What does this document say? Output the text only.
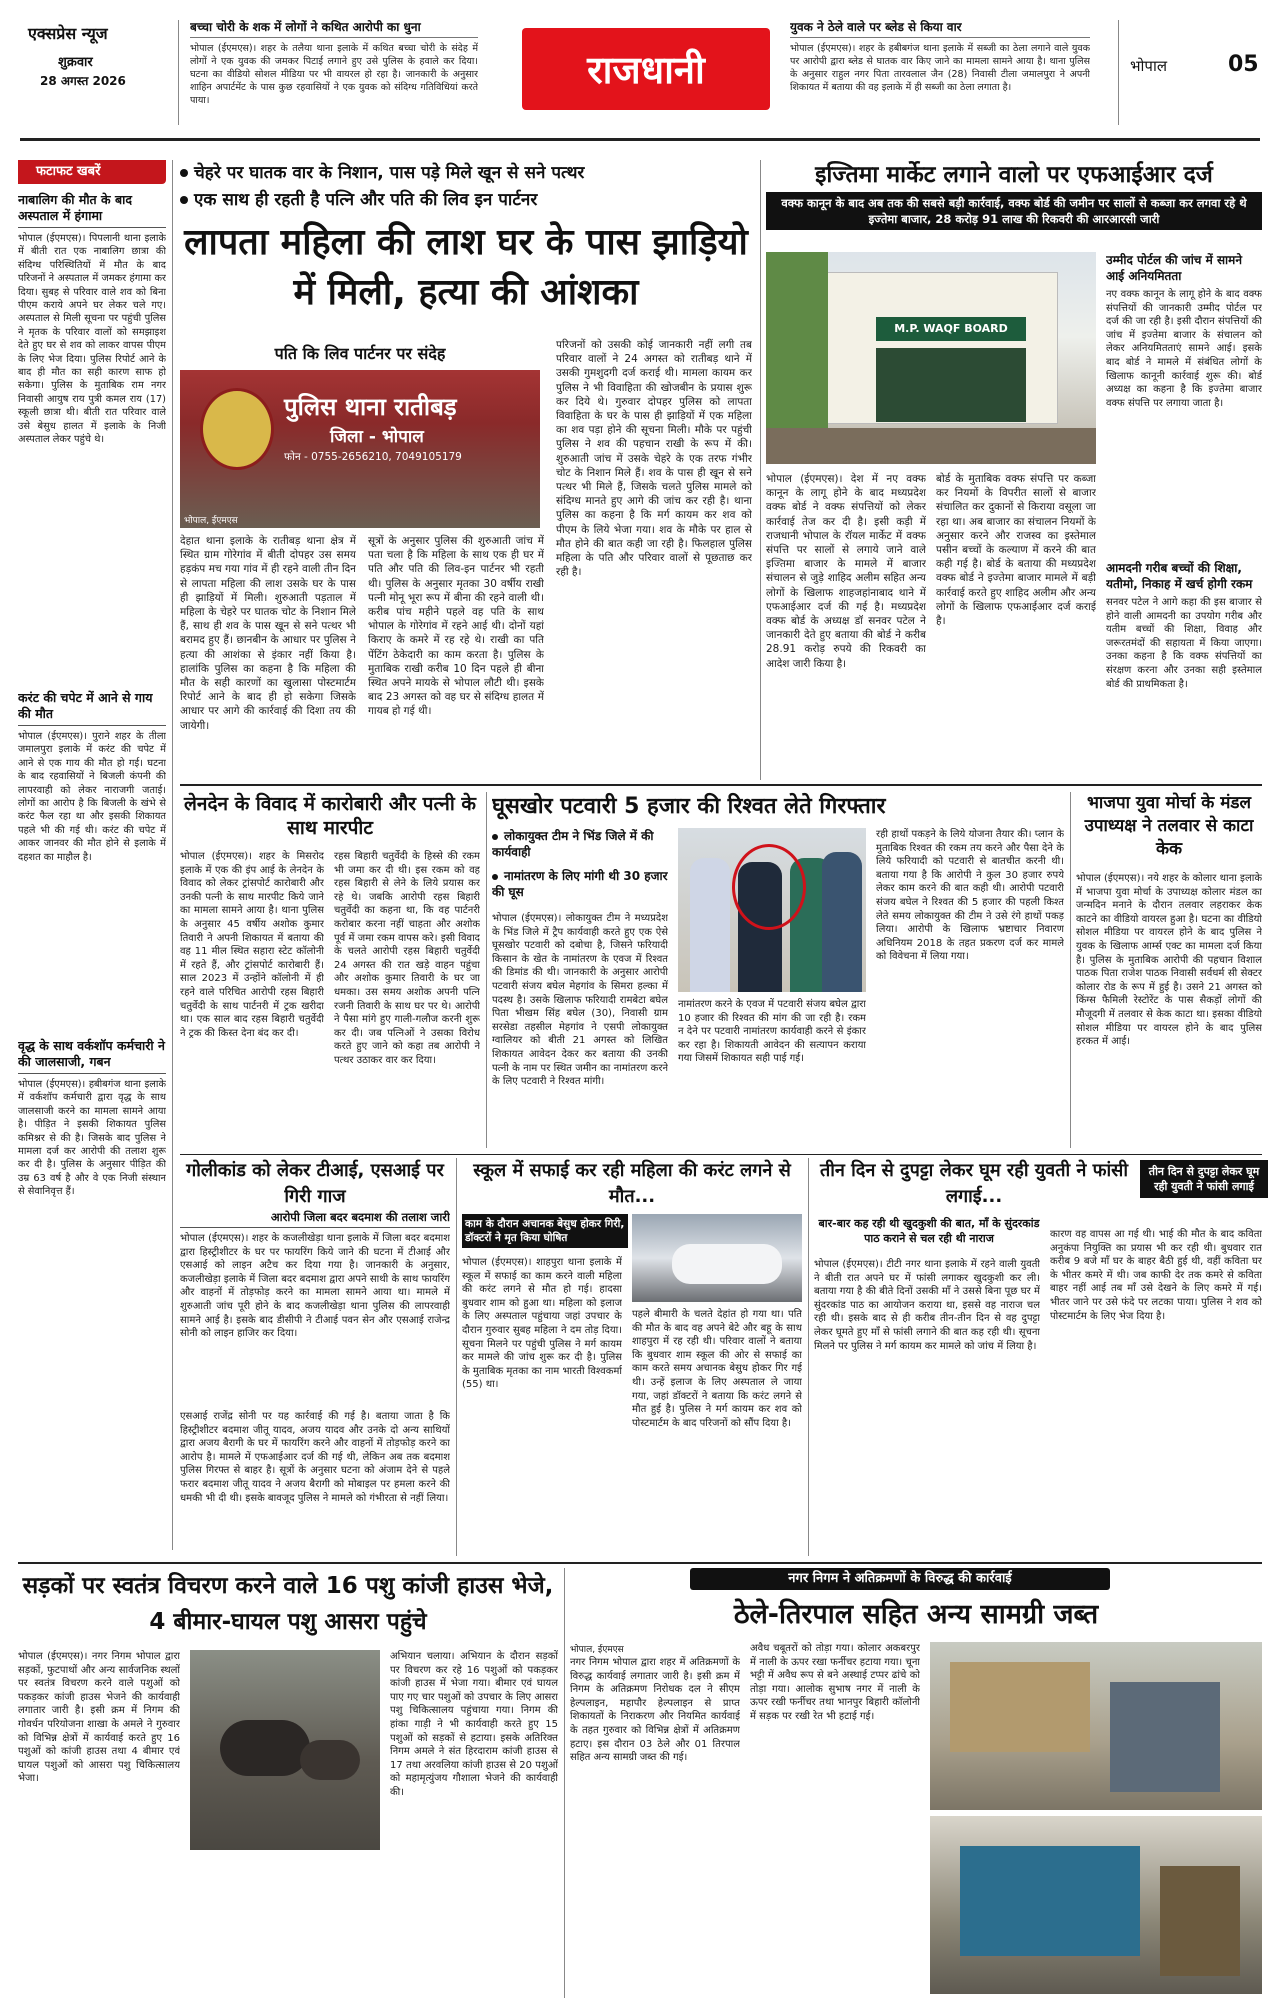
एक्सप्रेस न्यूज
शुक्रवार
28 अगस्त 2026
बच्चा चोरी के शक में लोगों ने कथित आरोपी का धुना
भोपाल (ईएमएस)। शहर के तलैया थाना इलाके में कथित बच्चा चोरी के संदेह में लोगों ने एक युवक की जमकर पिटाई लगाने हुए उसे पुलिस के हवाले कर दिया। घटना का वीडियो सोशल मीडिया पर भी वायरल हो रहा है। जानकारी के अनुसार शाहिन अपार्टमेंट के पास कुछ रहवासियों ने एक युवक को संदिग्ध गतिविधियां करते पाया।
राजधानी
युवक ने ठेले वाले पर ब्लेड से किया वार
भोपाल (ईएमएस)। शहर के हबीबगंज थाना इलाके में सब्जी का ठेला लगाने वाले युवक पर आरोपी द्वारा ब्लेड से घातक वार किए जाने का मामला सामने आया है। थाना पुलिस के अनुसार राहुल नगर पिता तारवलाल जैन (28) निवासी टीला जमालपुरा ने अपनी शिकायत में बताया की वह इलाके में ही सब्जी का ठेला लगाता है।
भोपाल	05
फटाफट खबरें
नाबालिग की मौत के बाद अस्पताल में हंगामा
भोपाल (ईएमएस)। पिपलानी थाना इलाके में बीती रात एक नाबालिग छात्रा की संदिग्ध परिस्थितियों में मौत के बाद परिजनों ने अस्पताल में जमकर हंगामा कर दिया। सुबह से परिवार वाले शव को बिना पीएम कराये अपने घर लेकर चले गए। अस्पताल से मिली सूचना पर पहुंची पुलिस ने मृतक के परिवार वालों को समझाइश देते हुए घर से शव को लाकर वापस पीएम के लिए भेज दिया। पुलिस रिपोर्ट आने के बाद ही मौत का सही कारण साफ हो सकेगा। पुलिस के मुताबिक राम नगर निवासी आयुष राय पुत्री कमल राय (17) स्कूली छात्रा थी। बीती रात परिवार वाले उसे बेसुध हालत में इलाके के निजी अस्पताल लेकर पहुंचे थे।
करंट की चपेट में आने से गाय की मौत
भोपाल (ईएमएस)। पुराने शहर के तीला जमालपुरा इलाके में करंट की चपेट में आने से एक गाय की मौत हो गई। घटना के बाद रहवासियों ने बिजली कंपनी की लापरवाही को लेकर नाराजगी जताई। लोगों का आरोप है कि बिजली के खंभे से करंट फैल रहा था और इसकी शिकायत पहले भी की गई थी। करंट की चपेट में आकर जानवर की मौत होने से इलाके में दहशत का माहौल है।
वृद्ध के साथ वर्कशॉप कर्मचारी ने की जालसाजी, गबन
भोपाल (ईएमएस)। हबीबगंज थाना इलाके में वर्कशॉप कर्मचारी द्वारा वृद्ध के साथ जालसाजी करने का मामला सामने आया है। पीड़ित ने इसकी शिकायत पुलिस कमिश्नर से की है। जिसके बाद पुलिस ने मामला दर्ज कर आरोपी की तलाश शुरू कर दी है। पुलिस के अनुसार पीड़ित की उम्र 63 वर्ष है और वे एक निजी संस्थान से सेवानिवृत्त हैं।
चेहरे पर घातक वार के निशान, पास पड़े मिले खून से सने पत्थर
एक साथ ही रहती है पत्नि और पति की लिव इन पार्टनर
लापता महिला की लाश घर के पास झाड़ियो में मिली, हत्या की आंशका
पति कि लिव पार्टनर पर संदेह
पुलिस थाना रातीबड़
जिला - भोपाल
फोन - 0755-2656210, 7049105179
भोपाल, ईएमएस
देहात थाना इलाके के रातीबड़ थाना क्षेत्र में स्थित ग्राम गोरेगांव में बीती दोपहर उस समय हड़कंप मच गया गांव में ही रहने वाली तीन दिन से लापता महिला की लाश उसके घर के पास ही झाड़ियों में मिली। शुरुआती पड़ताल में महिला के चेहरे पर घातक चोट के निशान मिले हैं, साथ ही शव के पास खून से सने पत्थर भी बरामद हुए हैं। छानबीन के आधार पर पुलिस ने हत्या की आशंका से इंकार नहीं किया है। हालांकि पुलिस का कहना है कि महिला की मौत के सही कारणों का खुलासा पोस्टमार्टम रिपोर्ट आने के बाद ही हो सकेगा जिसके आधार पर आगे की कार्रवाई की दिशा तय की जायेगी।
सूत्रों के अनुसार पुलिस की शुरुआती जांच में पता चला है कि महिला के साथ एक ही घर में पति और पति की लिव-इन पार्टनर भी रहती थी। पुलिस के अनुसार मृतका 30 वर्षीय राखी पत्नी मोनू भूरा रूप में बीना की रहने वाली थी। करीब पांच महीने पहले वह पति के साथ भोपाल के गोरेगांव में रहने आई थी। दोनों यहां किराए के कमरे में रह रहे थे। राखी का पति पेंटिंग ठेकेदारी का काम करता है। पुलिस के मुताबिक राखी करीब 10 दिन पहले ही बीना स्थित अपने मायके से भोपाल लौटी थी। इसके बाद 23 अगस्त को वह घर से संदिग्ध हालत में गायब हो गई थी।
परिजनों को उसकी कोई जानकारी नहीं लगी तब परिवार वालों ने 24 अगस्त को रातीबड़ थाने में उसकी गुमशुदगी दर्ज कराई थी। मामला कायम कर पुलिस ने भी विवाहिता की खोजबीन के प्रयास शुरू कर दिये थे। गुरुवार दोपहर पुलिस को लापता विवाहिता के घर के पास ही झाड़ियों में एक महिला का शव पड़ा होने की सूचना मिली। मौके पर पहुंची पुलिस ने शव की पहचान राखी के रूप में की। शुरुआती जांच में उसके चेहरे के एक तरफ गंभीर चोट के निशान मिले हैं। शव के पास ही खून से सने पत्थर भी मिले हैं, जिसके चलते पुलिस मामले को संदिग्ध मानते हुए आगे की जांच कर रही है। थाना पुलिस का कहना है कि मर्ग कायम कर शव को पीएम के लिये भेजा गया। शव के मौके पर हाल से मौत होने की बात कही जा रही है। फिलहाल पुलिस महिला के पति और परिवार वालों से पूछताछ कर रही है।
इज्तिमा मार्केट लगाने वालो पर एफआईआर दर्ज
वक्फ कानून के बाद अब तक की सबसे बड़ी कार्रवाई, वक्फ बोर्ड की जमीन पर सालों से कब्जा कर लगवा रहे थे इज्तेमा बाजार, 28 करोड़ 91 लाख की रिकवरी की आरआरसी जारी
M.P. WAQF BOARD
उम्मीद पोर्टल की जांच में सामने आई अनियमितता
नए वक्फ कानून के लागू होने के बाद वक्फ संपत्तियों की जानकारी उम्मीद पोर्टल पर दर्ज की जा रही है। इसी दौरान संपत्तियों की जांच में इज्तेमा बाजार के संचालन को लेकर अनियमितताएं सामने आई। इसके बाद बोर्ड ने मामले में संबंधित लोगों के खिलाफ कानूनी कार्रवाई शुरू की। बोर्ड अध्यक्ष का कहना है कि इज्तेमा बाजार वक्फ संपत्ति पर लगाया जाता है।
आमदनी गरीब बच्चों की शिक्षा, यतीमो, निकाह में खर्च होगी रकम
सनवर पटेल ने आगे कहा की इस बाजार से होने वाली आमदनी का उपयोग गरीब और यतीम बच्चों की शिक्षा, विवाह और जरूरतमंदों की सहायता में किया जाएगा। उनका कहना है कि वक्फ संपत्तियों का संरक्षण करना और उनका सही इस्तेमाल बोर्ड की प्राथमिकता है।
भोपाल (ईएमएस)। देश में नए वक्फ कानून के लागू होने के बाद मध्यप्रदेश वक्फ बोर्ड ने वक्फ संपत्तियों को लेकर कार्रवाई तेज कर दी है। इसी कड़ी में राजधानी भोपाल के रॉयल मार्केट में वक्फ संपत्ति पर सालों से लगाये जाने वाले इज्तिमा बाजार के मामले में बाजार संचालन से जुड़े शाहिद अलीम सहित अन्य लोगों के खिलाफ शाहजहांनाबाद थाने में एफआईआर दर्ज की गई है। मध्यप्रदेश वक्फ बोर्ड के अध्यक्ष डॉ सनवर पटेल ने जानकारी देते हुए बताया की बोर्ड ने करीब 28.91 करोड़ रुपये की रिकवरी का आदेश जारी किया है।
बोर्ड के मुताबिक वक्फ संपत्ति पर कब्जा कर नियमों के विपरीत सालों से बाजार संचालित कर दुकानों से किराया वसूला जा रहा था। अब बाजार का संचालन नियमों के अनुसार करने और राजस्व का इस्तेमाल पसीन बच्चों के कल्याण में करने की बात कही गई है। बोर्ड के बताया की मध्यप्रदेश वक्फ बोर्ड ने इज्तेमा बाजार मामले में बड़ी कार्रवाई करते हुए शाहिद अलीम और अन्य लोगों के खिलाफ एफआईआर दर्ज कराई है।
लेनदेन के विवाद में कारोबारी और पत्नी के साथ मारपीट
भोपाल (ईएमएस)। शहर के मिसरोद इलाके में एक की इंप आई के लेनदेन के विवाद को लेकर ट्रांसपोर्ट कारोबारी और उनकी पत्नी के साथ मारपीट किये जाने का मामला सामने आया है। थाना पुलिस के अनुसार 45 वर्षीय अशोक कुमार तिवारी ने अपनी शिकायत में बताया की वह 11 मील स्थित सहारा स्टेट कॉलोनी में रहते हैं, और ट्रांसपोर्ट कारोबारी हैं। साल 2023 में उन्होंने कॉलोनी में ही रहने वाले परिचित आरोपी रहस बिहारी चतुर्वेदी के साथ पार्टनरी में ट्रक खरीदा था। एक साल बाद रहस बिहारी चतुर्वेदी ने ट्रक की किस्त देना बंद कर दी।
रहस बिहारी चतुर्वेदी के हिस्से की रकम भी जमा कर दी थी। इस रकम को वह रहस बिहारी से लेने के लिये प्रयास कर रहे थे। जबकि आरोपी रहस बिहारी चतुर्वेदी का कहना था, कि वह पार्टनरी करोबार करना नहीं चाहता और अशोक पूर्व में जमा रकम वापस करे। इसी विवाद के चलते आरोपी रहस बिहारी चतुर्वेदी 24 अगस्त की रात खड़े वाहन पहुंचा और अशोक कुमार तिवारी के घर जा धमका। उस समय अशोक अपनी पत्नि रजनी तिवारी के साथ घर पर थे। आरोपी ने पैसा मांगे हुए गाली-गलौज करनी शुरू कर दी। जब पत्निओं ने उसका विरोध करते हुए जाने को कहा तब आरोपी ने पत्थर उठाकर वार कर दिया।
घूसखोर पटवारी 5 हजार की रिश्वत लेते गिरफ्तार
लोकायुक्त टीम ने भिंड जिले में की कार्यवाही
नामांतरण के लिए मांगी थी 30 हजार की घूस
भोपाल (ईएमएस)। लोकायुक्त टीम ने मध्यप्रदेश के भिंड जिले में ट्रैप कार्यवाही करते हुए एक ऐसे घूसखोर पटवारी को दबोचा है, जिसने फरियादी किसान के खेत के नामांतरण के एवज में रिश्वत की डिमांड की थी। जानकारी के अनुसार आरोपी पटवारी संजय बघेल मेहगांव के सिमरा हल्का में पदस्थ है। उसके खिलाफ फरियादी रामबेटा बघेल पिता भीखम सिंह बघेल (30), निवासी ग्राम सरसेडा तहसील मेहगांव ने एसपी लोकायुक्त ग्वालियर को बीती 21 अगस्त को लिखित शिकायत आवेदन देकर कर बताया की उनकी पत्नी के नाम पर स्थित जमीन का नामांतरण करने के लिए पटवारी ने रिश्वत मांगी।
नामांतरण करने के एवज में पटवारी संजय बघेल द्वारा 10 हजार की रिश्वत की मांग की जा रही है। रकम न देने पर पटवारी नामांतरण कार्यवाही करने से इंकार कर रहा है। शिकायती आवेदन की सत्यापन कराया गया जिसमें शिकायत सही पाई गई।
रही हाथों पकड़ने के लिये योजना तैयार की। प्लान के मुताबिक रिश्वत की रकम तय करने और पैसा देने के लिये फरियादी को पटवारी से बातचीत करनी थी। बताया गया है कि आरोपी ने कुल 30 हजार रुपये लेकर काम करने की बात कही थी। आरोपी पटवारी संजय बघेल ने रिश्वत की 5 हजार की पहली किश्त लेते समय लोकायुक्त की टीम ने उसे रंगे हाथों पकड़ लिया। आरोपी के खिलाफ भ्रष्टाचार निवारण अधिनियम 2018 के तहत प्रकरण दर्ज कर मामले को विवेचना में लिया गया।
भाजपा युवा मोर्चा के मंडल उपाध्यक्ष ने तलवार से काटा केक
भोपाल (ईएमएस)। नये शहर के कोलार थाना इलाके में भाजपा युवा मोर्चा के उपाध्यक्ष कोलार मंडल का जन्मदिन मनाने के दौरान तलवार लहराकर केक काटने का वीडियो वायरल हुआ है। घटना का वीडियो सोशल मीडिया पर वायरल होने के बाद पुलिस ने युवक के खिलाफ आर्म्स एक्ट का मामला दर्ज किया है। पुलिस के मुताबिक आरोपी की पहचान विशाल पाठक पिता राजेश पाठक निवासी सर्वधर्म सी सेक्टर कोलार रोड के रूप में हुई है। उसने 21 अगस्त को किंग्स फैमिली रेस्टोरेंट के पास सैकड़ों लोगों की मौजूदगी में तलवार से केक काटा था। इसका वीडियो सोशल मीडिया पर वायरल होने के बाद पुलिस हरकत में आई।
गोलीकांड को लेकर टीआई, एसआई पर गिरी गाज
आरोपी जिला बदर बदमाश की तलाश जारी
भोपाल (ईएमएस)। शहर के कजलीखेड़ा थाना इलाके में जिला बदर बदमाश द्वारा हिस्ट्रीशीटर के घर पर फायरिंग किये जाने की घटना में टीआई और एसआई को लाइन अटैच कर दिया गया है। जानकारी के अनुसार, कजलीखेड़ा इलाके में जिला बदर बदमाश द्वारा अपने साथी के साथ फायरिंग और वाहनों में तोड़फोड़ करने का मामला सामने आया था। मामले में शुरुआती जांच पूरी होने के बाद कजलीखेड़ा थाना पुलिस की लापरवाही सामने आई है। इसके बाद डीसीपी ने टीआई पवन सेन और एसआई राजेन्द्र सोनी को लाइन हाजिर कर दिया।
एसआई राजेंद्र सोनी पर यह कार्रवाई की गई है। बताया जाता है कि हिस्ट्रीशीटर बदमाश जीतू यादव, अजय यादव और उनके दो अन्य साथियों द्वारा अजय बैरागी के घर में फायरिंग करने और वाहनों में तोड़फोड़ करने का आरोप है। मामले में एफआईआर दर्ज की गई थी, लेकिन अब तक बदमाश पुलिस गिरफ्त से बाहर है। सूत्रों के अनुसार घटना को अंजाम देने से पहले फरार बदमाश जीतू यादव ने अजय बैरागी को मोबाइल पर हमला करने की धमकी भी दी थी। इसके बावजूद पुलिस ने मामले को गंभीरता से नहीं लिया।
स्कूल में सफाई कर रही महिला की करंट लगने से मौत...
काम के दौरान अचानक बेसुध होकर गिरी, डॉक्टरों ने मृत किया घोषित
भोपाल (ईएमएस)। शाहपुरा थाना इलाके में स्कूल में सफाई का काम करने वाली महिला की करंट लगने से मौत हो गई। हादसा बुधवार शाम को हुआ था। महिला को इलाज के लिए अस्पताल पहुंचाया जहां उपचार के दौरान गुरुवार सुबह महिला ने दम तोड़ दिया। सूचना मिलने पर पहुंची पुलिस ने मर्ग कायम कर मामले की जांच शुरू कर दी है। पुलिस के मुताबिक मृतका का नाम भारती विश्वकर्मा (55) था।
पहले बीमारी के चलते देहांत हो गया था। पति की मौत के बाद वह अपने बेटे और बहू के साथ शाहपुरा में रह रही थी। परिवार वालों ने बताया कि बुधवार शाम स्कूल की ओर से सफाई का काम करते समय अचानक बेसुध होकर गिर गई थी। उन्हें इलाज के लिए अस्पताल ले जाया गया, जहां डॉक्टरों ने बताया कि करंट लगने से मौत हुई है। पुलिस ने मर्ग कायम कर शव को पोस्टमार्टम के बाद परिजनों को सौंप दिया है।
तीन दिन से दुपट्टा लेकर घूम रही युवती ने फांसी लगाई...
तीन दिन से दुपट्टा लेकर घूम रही युवती ने फांसी लगाई
बार-बार कह रही थी खुदकुशी की बात, माँ के सुंदरकांड पाठ कराने से चल रही थी नाराज
भोपाल (ईएमएस)। टीटी नगर थाना इलाके में रहने वाली युवती ने बीती रात अपने घर में फांसी लगाकर खुदकुशी कर ली। बताया गया है की बीते दिनों उसकी माँ ने उससे बिना पूछ घर में सुंदरकांड पाठ का आयोजन कराया था, इससे वह नाराज चल रही थी। इसके बाद से ही करीब तीन-तीन दिन से वह दुपट्टा लेकर घूमते हुए माँ से फांसी लगाने की बात कह रही थी। सूचना मिलने पर पुलिस ने मर्ग कायम कर मामले को जांच में लिया है।
कारण वह वापस आ गई थी। भाई की मौत के बाद कविता अनुकंपा नियुक्ति का प्रयास भी कर रही थी। बुधवार रात करीब 9 बजे माँ घर के बाहर बैठी हुई थी, वहीं कविता घर के भीतर कमरे में थी। जब काफी देर तक कमरे से कविता बाहर नहीं आई तब माँ उसे देखने के लिए कमरे में गई। भीतर जाने पर उसे फंदे पर लटका पाया। पुलिस ने शव को पोस्टमार्टम के लिए भेज दिया है।
सड़कों पर स्वतंत्र विचरण करने वाले 16 पशु कांजी हाउस भेजे, 4 बीमार-घायल पशु आसरा पहुंचे
भोपाल (ईएमएस)। नगर निगम भोपाल द्वारा सड़कों, फुटपाथों और अन्य सार्वजनिक स्थलों पर स्वतंत्र विचरण करने वाले पशुओं को पकड़कर कांजी हाउस भेजने की कार्यवाही लगातार जारी है। इसी क्रम में निगम की गोवर्धन परियोजना शाखा के अमले ने गुरुवार को विभिन्न क्षेत्रों में कार्यवाई करते हुए 16 पशुओं को कांजी हाउस तथा 4 बीमार एवं घायल पशुओं को आसरा पशु चिकित्सालय भेजा।
अभियान चलाया। अभियान के दौरान सड़कों पर विचरण कर रहे 16 पशुओं को पकड़कर कांजी हाउस में भेजा गया। बीमार एवं घायल पाए गए चार पशुओं को उपचार के लिए आसरा पशु चिकित्सालय पहुंचाया गया। निगम की हांका गाड़ी ने भी कार्यवाही करते हुए 15 पशुओं को सड़कों से हटाया। इसके अतिरिक्त निगम अमले ने संत हिरदाराम कांजी हाउस से 17 तथा अरवलिया कांजी हाउस से 20 पशुओं को महामृत्युंजय गौशाला भेजने की कार्यवाही की।
नगर निगम ने अतिक्रमणों के विरुद्ध की कार्रवाई
ठेले-तिरपाल सहित अन्य सामग्री जब्त
भोपाल, ईएमएस
नगर निगम भोपाल द्वारा शहर में अतिक्रमणों के विरुद्ध कार्यवाई लगातार जारी है। इसी क्रम में निगम के अतिक्रमण निरोधक दल ने सीएम हेल्पलाइन, महापौर हेल्पलाइन से प्राप्त शिकायतों के निराकरण और नियमित कार्यवाई के तहत गुरुवार को विभिन्न क्षेत्रों में अतिक्रमण हटाए। इस दौरान 03 ठेले और 01 तिरपाल सहित अन्य सामग्री जब्त की गई।
अवैध चबूतरों को तोड़ा गया। कोलार अकबरपुर में नाली के ऊपर रखा फर्नीचर हटाया गया। चूना भट्टी में अवैध रूप से बने अस्थाई टप्पर ढांचे को तोड़ा गया। आलोक सुभाष नगर में नाली के ऊपर रखी फर्नीचर तथा भानपुर बिहारी कॉलोनी में सड़क पर रखी रेत भी हटाई गई।
